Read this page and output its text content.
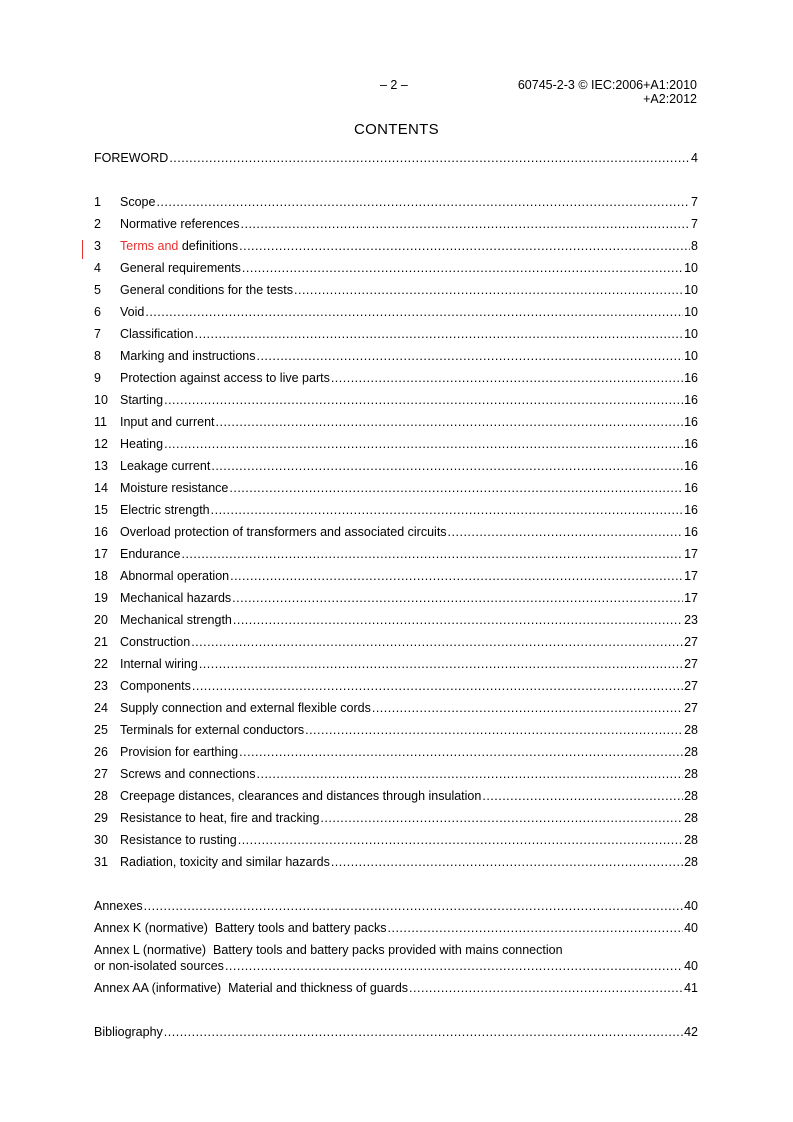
– 2 –	60745-2-3 © IEC:2006+A1:2010
+A2:2012
CONTENTS
FOREWORD .....	4
1	Scope .....	7
2	Normative references .....	7
3	Terms and definitions .....	8
4	General requirements .....	10
5	General conditions for the tests .....	10
6	Void .....	10
7	Classification .....	10
8	Marking and instructions .....	10
9	Protection against access to live parts .....	16
10 Starting .....	16
11	Input and current .....	16
12 Heating .....	16
13 Leakage current .....	16
14 Moisture resistance .....	16
15 Electric strength .....	16
16 Overload protection of transformers and associated circuits .....	16
17 Endurance .....	17
18 Abnormal operation .....	17
19 Mechanical hazards .....	17
20 Mechanical strength .....	23
21 Construction .....	27
22 Internal wiring .....	27
23 Components .....	27
24 Supply connection and external flexible cords .....	27
25 Terminals for external conductors .....	28
26 Provision for earthing .....	28
27 Screws and connections .....	28
28 Creepage distances, clearances and distances through insulation .....	28
29 Resistance to heat, fire and tracking .....	28
30 Resistance to rusting .....	28
31 Radiation, toxicity and similar hazards .....	28
Annexes .....	40
Annex K (normative)  Battery tools and battery packs .....	40
Annex L (normative)  Battery tools and battery packs provided with mains connection
or non-isolated sources .....	40
Annex AA (informative)  Material and thickness of guards .....	41
Bibliography .....	42
